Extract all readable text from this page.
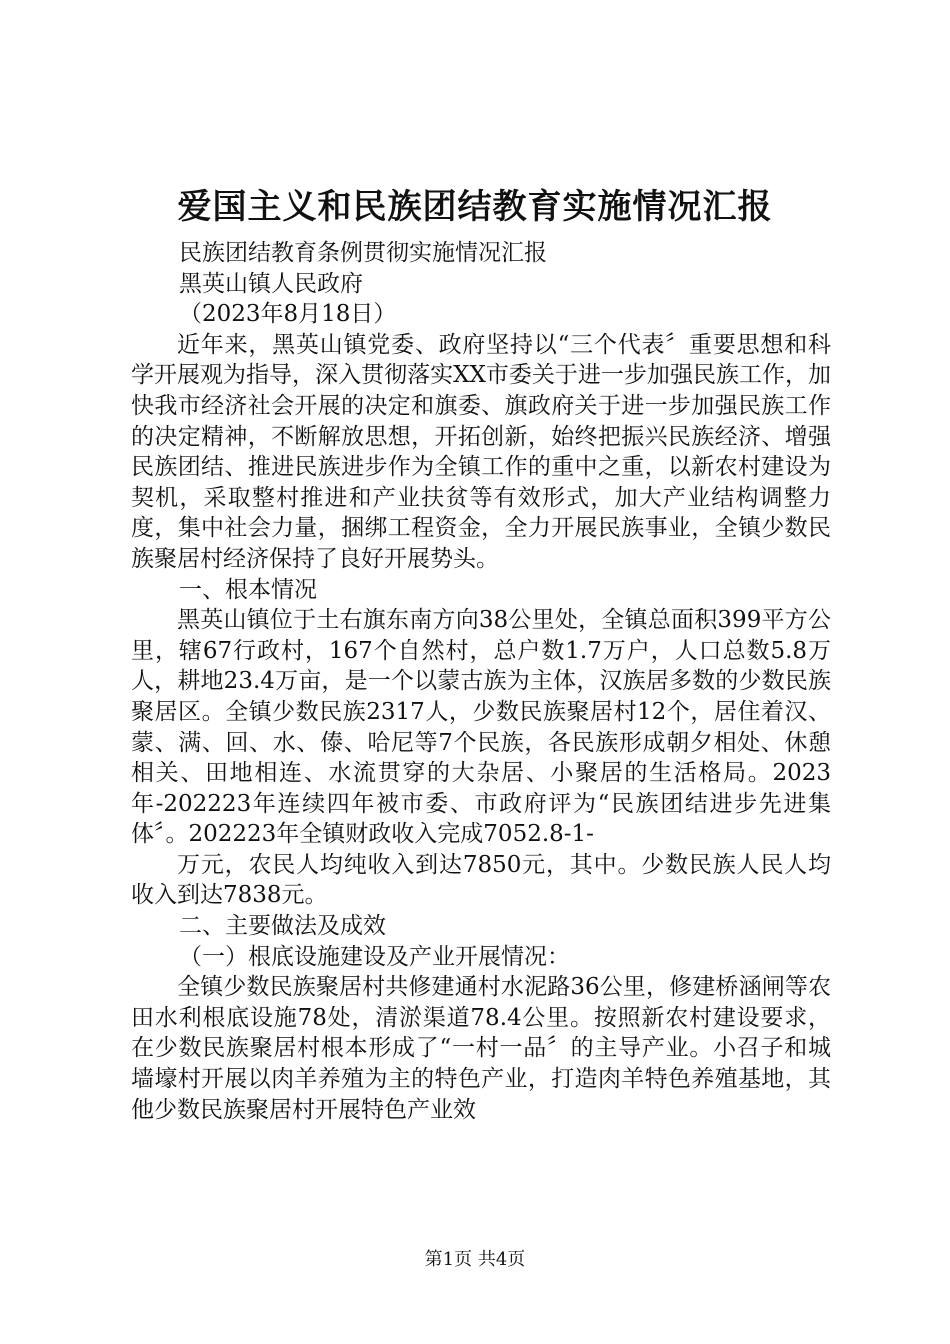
爱国主义和民族团结教育实施情况汇报

民族团结教育条例贯彻实施情况汇报

黑英山镇人民政府

（2023年8月18日）

近年来，黑英山镇党委、政府坚持以“三个代表〞重要思想和科学开展观为指导，深入贯彻落实XX市委关于进一步加强民族工作，加快我市经济社会开展的决定和旗委、旗政府关于进一步加强民族工作的决定精神，不断解放思想，开拓创新，始终把振兴民族经济、增强民族团结、推进民族进步作为全镇工作的重中之重，以新农村建设为契机，采取整村推进和产业扶贫等有效形式，加大产业结构调整力度，集中社会力量，捆绑工程资金，全力开展民族事业，全镇少数民族聚居村经济保持了良好开展势头。

一、根本情况

黑英山镇位于土右旗东南方向38公里处，全镇总面积399平方公里，辖67行政村，167个自然村，总户数1.7万户，人口总数5.8万人，耕地23.4万亩，是一个以蒙古族为主体，汉族居多数的少数民族聚居区。全镇少数民族2317人，少数民族聚居村12个，居住着汉、蒙、满、回、水、傣、哈尼等7个民族，各民族形成朝夕相处、休憩相关、田地相连、水流贯穿的大杂居、小聚居的生活格局。2023年-202223年连续四年被市委、市政府评为“民族团结进步先进集体〞。202223年全镇财政收入完成7052.8-1-

万元，农民人均纯收入到达7850元，其中。少数民族人民人均收入到达7838元。

二、主要做法及成效

（一）根底设施建设及产业开展情况：

全镇少数民族聚居村共修建通村水泥路36公里，修建桥涵闸等农田水利根底设施78处，清淤渠道78.4公里。按照新农村建设要求，在少数民族聚居村根本形成了“一村一品〞的主导产业。小召子和城墙壕村开展以肉羊养殖为主的特色产业，打造肉羊特色养殖基地，其他少数民族聚居村开展特色产业效

第1页 共4页
